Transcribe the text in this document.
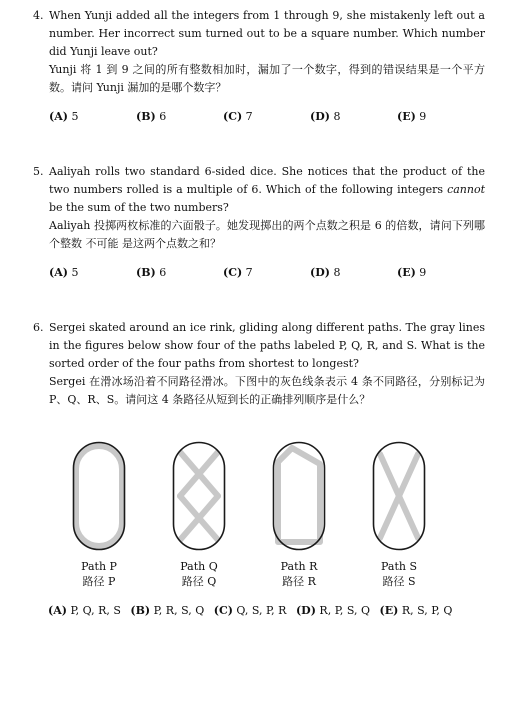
4. When Yunji added all the integers from 1 through 9, she mistakenly left out a number. Her incorrect sum turned out to be a square number. Which number did Yunji leave out?

Yunji 将 1 到 9 之间的所有整数相加时，漏加了一个数字，得到的错误结果是一个平方数。请问 Yunji 漏加的是哪个数字？

(A) 5	(B) 6	(C) 7	(D) 8	(E) 9
5. Aaliyah rolls two standard 6-sided dice. She notices that the product of the two numbers rolled is a multiple of 6. Which of the following integers cannot be the sum of the two numbers?

Aaliyah 投掷两枚标准的六面骰子。她发现掷出的两个点数之积是 6 的倍数，请问下列哪个整数 不可能 是这两个点数之和？

(A) 5	(B) 6	(C) 7	(D) 8	(E) 9
6. Sergei skated around an ice rink, gliding along different paths. The gray lines in the figures below show four of the paths labeled P, Q, R, and S. What is the sorted order of the four paths from shortest to longest?

Sergei 在滑冰场沿着不同路径滑冰。下图中的灰色线条表示 4 条不同路径，分别标记为 P、Q、R、S。请问这 4 条路径从短到长的正确排列顺序是什么？

Path P
路径 P
Path Q
路径 Q
Path R
路径 R
Path S
路径 S
(A) P, Q, R, S (B) P, R, S, Q (C) Q, S, P, R (D) R, P, S, Q (E) R, S, P, Q
